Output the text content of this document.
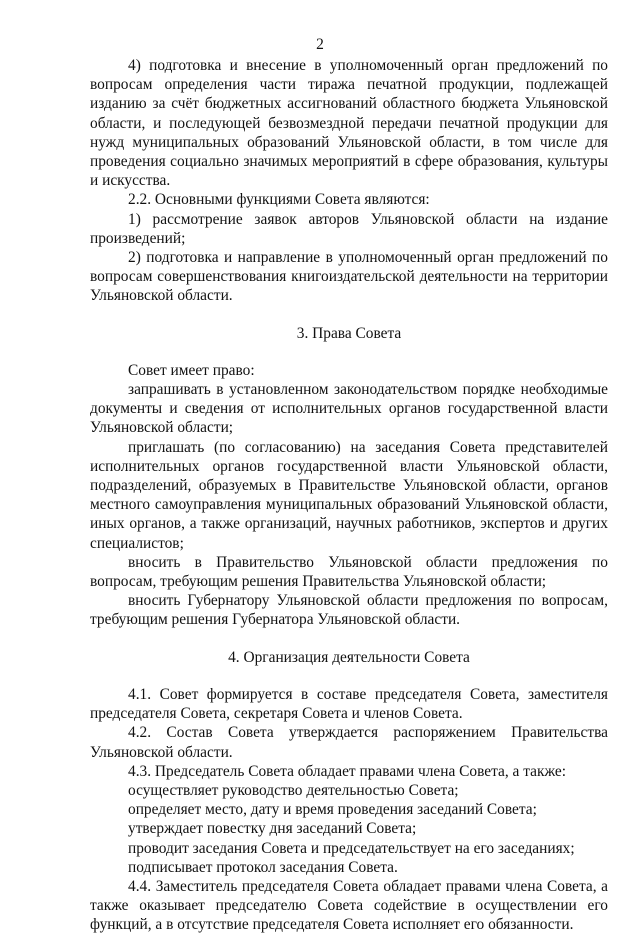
2

4) подготовка и внесение в уполномоченный орган предложений по вопросам определения части тиража печатной продукции, подлежащей изданию за счёт бюджетных ассигнований областного бюджета Ульяновской области, и последующей безвозмездной передачи печатной продукции для нужд муниципальных образований Ульяновской области, в том числе для проведения социально значимых мероприятий в сфере образования, культуры и искусства.

2.2. Основными функциями Совета являются:

1) рассмотрение заявок авторов Ульяновской области на издание произведений;

2) подготовка и направление в уполномоченный орган предложений по вопросам совершенствования книгоиздательской деятельности на территории Ульяновской области.

3. Права Совета

Совет имеет право:

запрашивать в установленном законодательством порядке необходимые документы и сведения от исполнительных органов государственной власти Ульяновской области;

приглашать (по согласованию) на заседания Совета представителей исполнительных органов государственной власти Ульяновской области, подразделений, образуемых в Правительстве Ульяновской области, органов местного самоуправления муниципальных образований Ульяновской области, иных органов, а также организаций, научных работников, экспертов и других специалистов;

вносить в Правительство Ульяновской области предложения по вопросам, требующим решения Правительства Ульяновской области;

вносить Губернатору Ульяновской области предложения по вопросам, требующим решения Губернатора Ульяновской области.

4. Организация деятельности Совета

4.1. Совет формируется в составе председателя Совета, заместителя председателя Совета, секретаря Совета и членов Совета.

4.2. Состав Совета утверждается распоряжением Правительства Ульяновской области.

4.3. Председатель Совета обладает правами члена Совета, а также:

осуществляет руководство деятельностью Совета;

определяет место, дату и время проведения заседаний Совета;

утверждает повестку дня заседаний Совета;

проводит заседания Совета и председательствует на его заседаниях;

подписывает протокол заседания Совета.

4.4. Заместитель председателя Совета обладает правами члена Совета, а также оказывает председателю Совета содействие в осуществлении его функций, а в отсутствие председателя Совета исполняет его обязанности.
